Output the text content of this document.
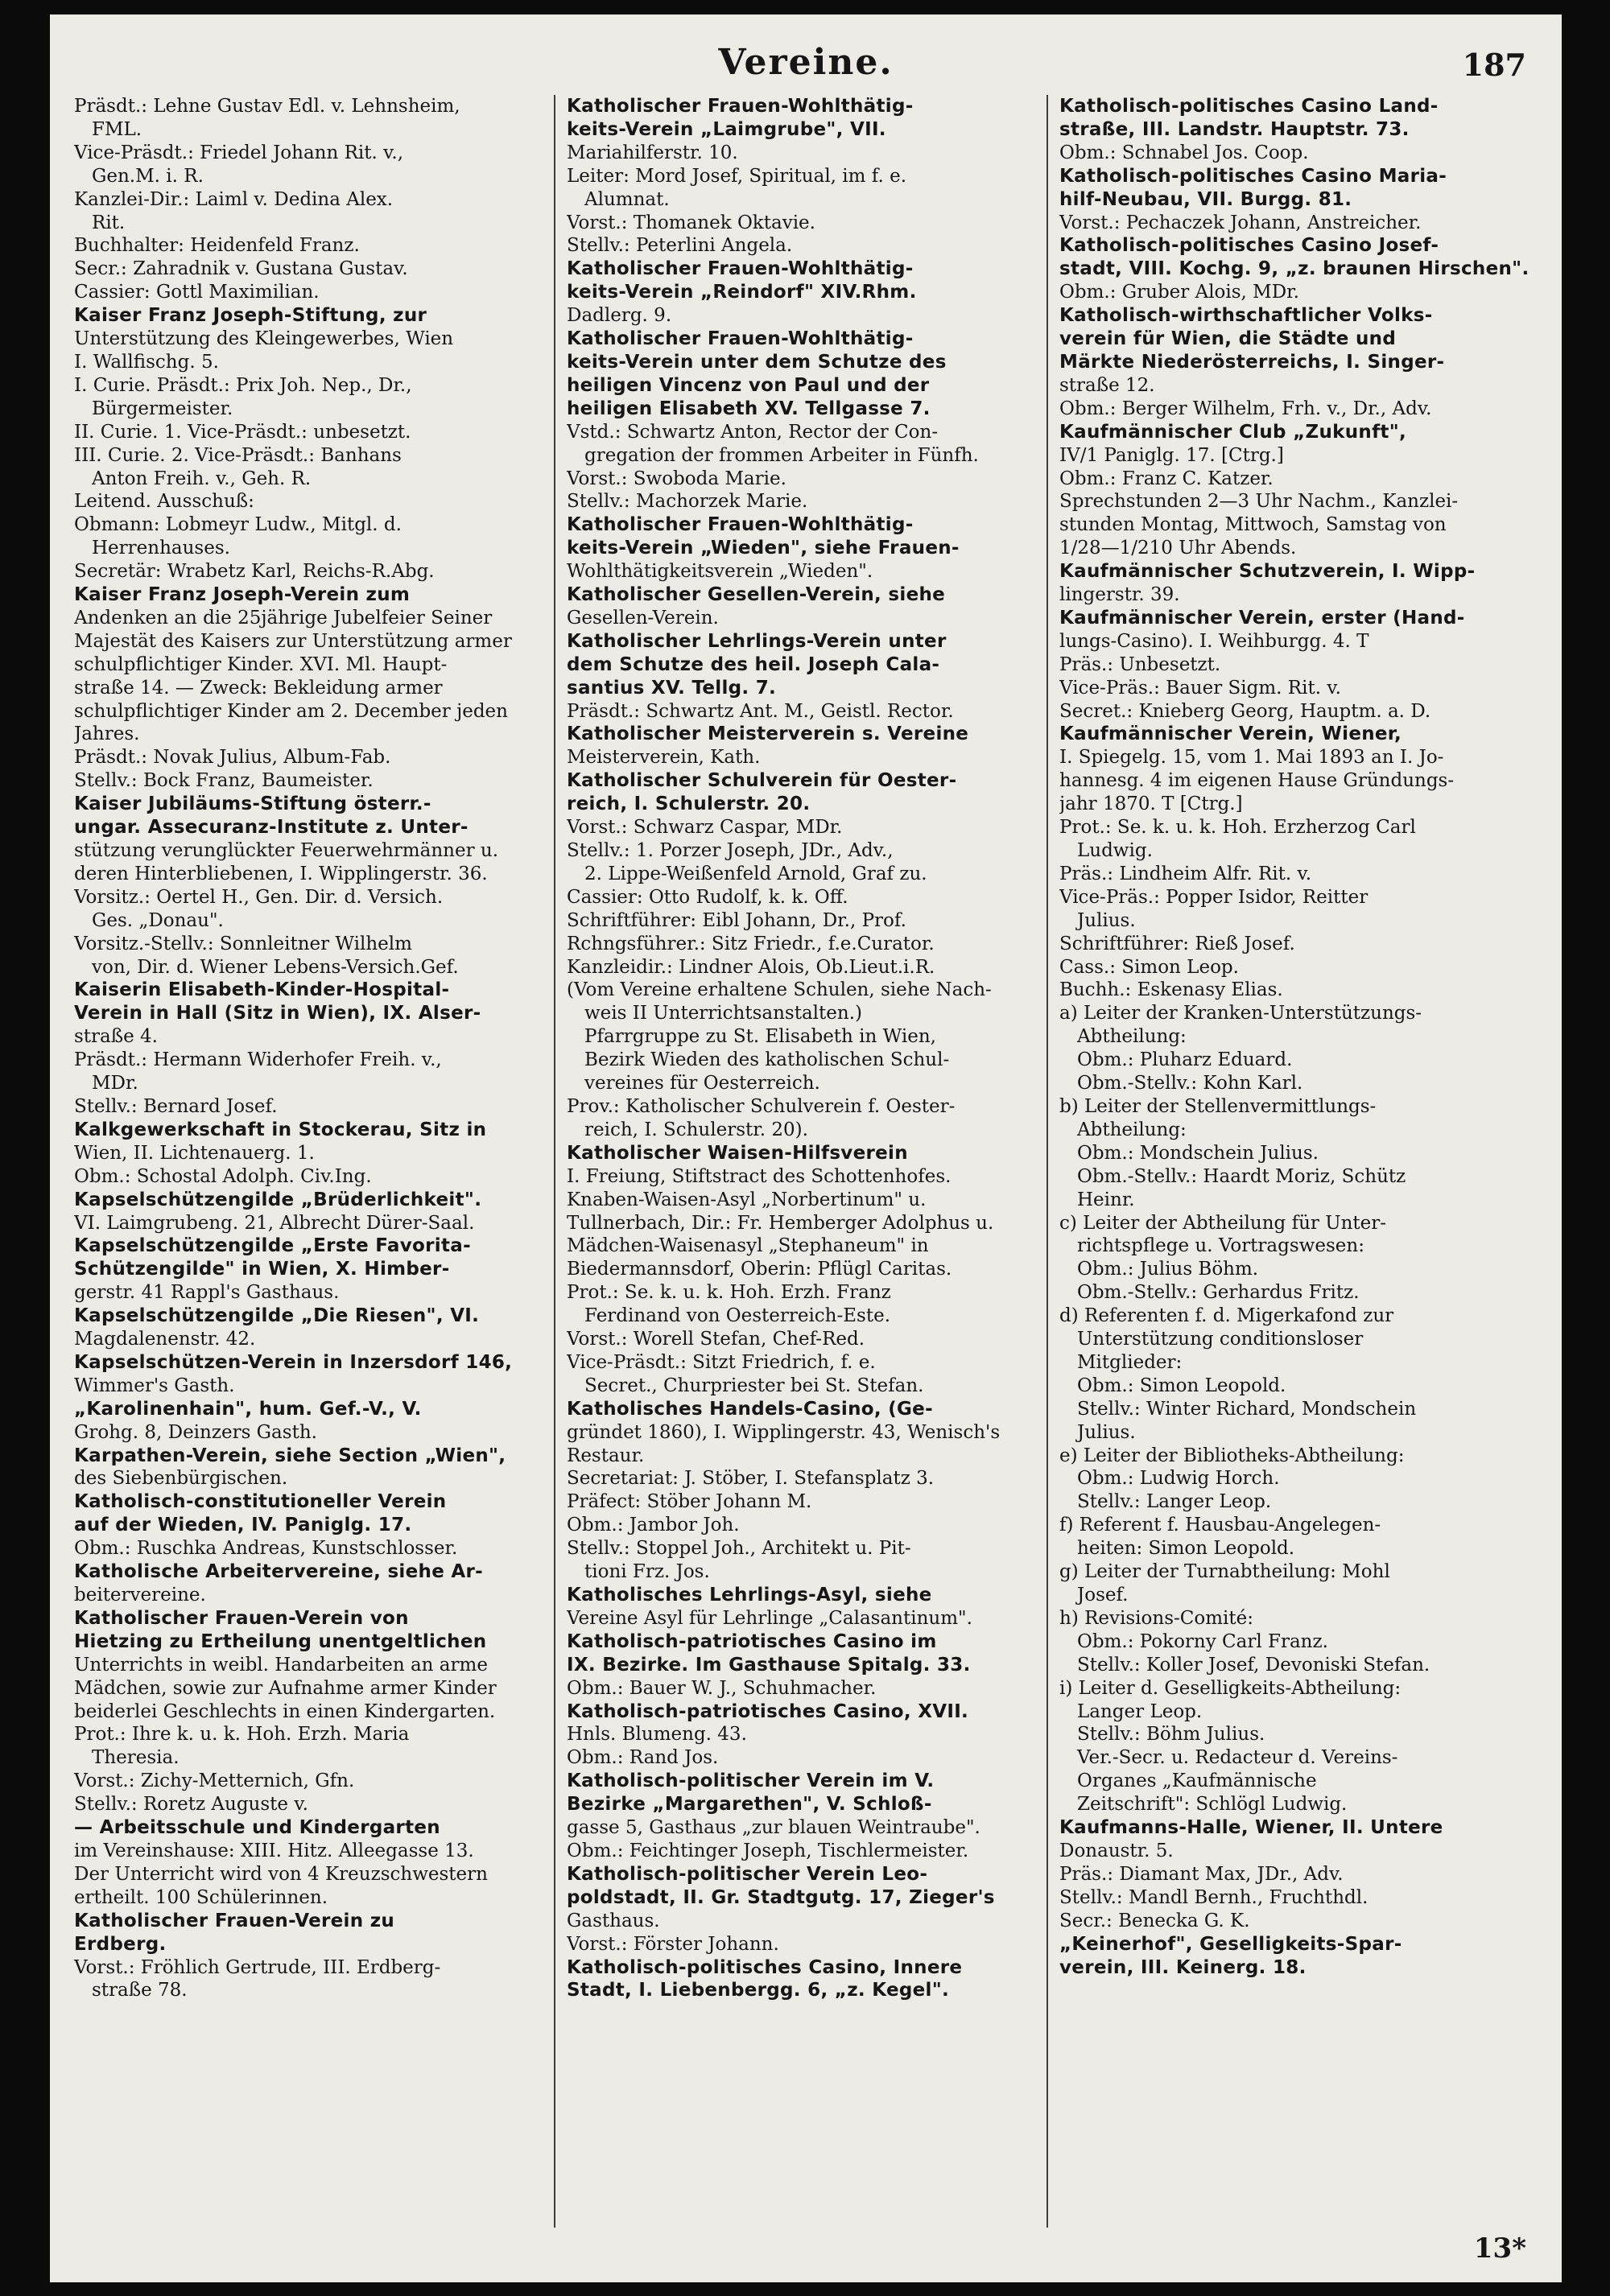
Vereine.	187
Präsdt.: Lehne Gustav Edl. v. Lehnsheim,
FML.
Vice-Präsdt.: Friedel Johann Rit. v.,
Gen.M. i. R.
Kanzlei-Dir.: Laiml v. Dedina Alex.
Rit.
Buchhalter: Heidenfeld Franz.
Secr.: Zahradnik v. Gustana Gustav.
Cassier: Gottl Maximilian.
Kaiser Franz Joseph-Stiftung, zur
Unterstützung des Kleingewerbes, Wien
I. Wallfischg. 5.
I. Curie. Präsdt.: Prix Joh. Nep., Dr.,
Bürgermeister.
II. Curie. 1. Vice-Präsdt.: unbesetzt.
III. Curie. 2. Vice-Präsdt.: Banhans
Anton Freih. v., Geh. R.
Leitend. Ausschuß:
Obmann: Lobmeyr Ludw., Mitgl. d.
Herrenhauses.
Secretär: Wrabetz Karl, Reichs-R.Abg.
Kaiser Franz Joseph-Verein zum
Andenken an die 25jährige Jubelfeier Seiner
Majestät des Kaisers zur Unterstützung armer
schulpflichtiger Kinder. XVI. Ml. Haupt-
straße 14. — Zweck: Bekleidung armer
schulpflichtiger Kinder am 2. December jeden
Jahres.
Präsdt.: Novak Julius, Album-Fab.
Stellv.: Bock Franz, Baumeister.
Kaiser Jubiläums-Stiftung österr.-
ungar. Assecuranz-Institute z. Unter-
stützung verunglückter Feuerwehrmänner u.
deren Hinterbliebenen, I. Wipplingerstr. 36.
Vorsitz.: Oertel H., Gen. Dir. d. Versich.
Ges. „Donau".
Vorsitz.-Stellv.: Sonnleitner Wilhelm
von, Dir. d. Wiener Lebens-Versich.Gef.
Kaiserin Elisabeth-Kinder-Hospital-
Verein in Hall (Sitz in Wien), IX. Alser-
straße 4.
Präsdt.: Hermann Widerhofer Freih. v.,
MDr.
Stellv.: Bernard Josef.
Kalkgewerkschaft in Stockerau, Sitz in
Wien, II. Lichtenauerg. 1.
Obm.: Schostal Adolph. Civ.Ing.
Kapselschützengilde „Brüderlichkeit".
VI. Laimgrubeng. 21, Albrecht Dürer-Saal.
Kapselschützengilde „Erste Favorita-
Schützengilde" in Wien, X. Himber-
gerstr. 41 Rappl's Gasthaus.
Kapselschützengilde „Die Riesen", VI.
Magdalenenstr. 42.
Kapselschützen-Verein in Inzersdorf 146,
Wimmer's Gasth.
„Karolinenhain", hum. Gef.-V., V.
Grohg. 8, Deinzers Gasth.
Karpathen-Verein, siehe Section „Wien",
des Siebenbürgischen.
Katholisch-constitutioneller Verein
auf der Wieden, IV. Paniglg. 17.
Obm.: Ruschka Andreas, Kunstschlosser.
Katholische Arbeitervereine, siehe Ar-
beitervereine.
Katholischer Frauen-Verein von
Hietzing zu Ertheilung unentgeltlichen
Unterrichts in weibl. Handarbeiten an arme
Mädchen, sowie zur Aufnahme armer Kinder
beiderlei Geschlechts in einen Kindergarten.
Prot.: Ihre k. u. k. Hoh. Erzh. Maria
Theresia.
Vorst.: Zichy-Metternich, Gfn.
Stellv.: Roretz Auguste v.
— Arbeitsschule und Kindergarten
im Vereinshause: XIII. Hitz. Alleegasse 13.
Der Unterricht wird von 4 Kreuzschwestern
ertheilt. 100 Schülerinnen.
Katholischer Frauen-Verein zu
Erdberg.
Vorst.: Fröhlich Gertrude, III. Erdberg-
straße 78.
Katholischer Frauen-Wohlthätig-
keits-Verein „Laimgrube", VII.
Mariahilferstr. 10.
Leiter: Mord Josef, Spiritual, im f. e.
Alumnat.
Vorst.: Thomanek Oktavie.
Stellv.: Peterlini Angela.
Katholischer Frauen-Wohlthätig-
keits-Verein „Reindorf" XIV.Rhm.
Dadlerg. 9.
Katholischer Frauen-Wohlthätig-
keits-Verein unter dem Schutze des
heiligen Vincenz von Paul und der
heiligen Elisabeth XV. Tellgasse 7.
Vstd.: Schwartz Anton, Rector der Con-
gregation der frommen Arbeiter in Fünfh.
Vorst.: Swoboda Marie.
Stellv.: Machorzek Marie.
Katholischer Frauen-Wohlthätig-
keits-Verein „Wieden", siehe Frauen-
Wohlthätigkeitsverein „Wieden".
Katholischer Gesellen-Verein, siehe
Gesellen-Verein.
Katholischer Lehrlings-Verein unter
dem Schutze des heil. Joseph Cala-
santius XV. Tellg. 7.
Präsdt.: Schwartz Ant. M., Geistl. Rector.
Katholischer Meisterverein s. Vereine
Meisterverein, Kath.
Katholischer Schulverein für Oester-
reich, I. Schulerstr. 20.
Vorst.: Schwarz Caspar, MDr.
Stellv.: 1. Porzer Joseph, JDr., Adv.,
2. Lippe-Weißenfeld Arnold, Graf zu.
Cassier: Otto Rudolf, k. k. Off.
Schriftführer: Eibl Johann, Dr., Prof.
Rchngsführer.: Sitz Friedr., f.e.Curator.
Kanzleidir.: Lindner Alois, Ob.Lieut.i.R.
(Vom Vereine erhaltene Schulen, siehe Nach-
weis II Unterrichtsanstalten.)
Pfarrgruppe zu St. Elisabeth in Wien,
Bezirk Wieden des katholischen Schul-
vereines für Oesterreich.
Prov.: Katholischer Schulverein f. Oester-
reich, I. Schulerstr. 20).
Katholischer Waisen-Hilfsverein
I. Freiung, Stiftstract des Schottenhofes.
Knaben-Waisen-Asyl „Norbertinum" u.
Tullnerbach, Dir.: Fr. Hemberger Adolphus u.
Mädchen-Waisenasyl „Stephaneum" in
Biedermannsdorf, Oberin: Pflügl Caritas.
Prot.: Se. k. u. k. Hoh. Erzh. Franz
Ferdinand von Oesterreich-Este.
Vorst.: Worell Stefan, Chef-Red.
Vice-Präsdt.: Sitzt Friedrich, f. e.
Secret., Churpriester bei St. Stefan.
Katholisches Handels-Casino, (Ge-
gründet 1860), I. Wipplingerstr. 43, Wenisch's
Restaur.
Secretariat: J. Stöber, I. Stefansplatz 3.
Präfect: Stöber Johann M.
Obm.: Jambor Joh.
Stellv.: Stoppel Joh., Architekt u. Pit-
tioni Frz. Jos.
Katholisches Lehrlings-Asyl, siehe
Vereine Asyl für Lehrlinge „Calasantinum".
Katholisch-patriotisches Casino im
IX. Bezirke. Im Gasthause Spitalg. 33.
Obm.: Bauer W. J., Schuhmacher.
Katholisch-patriotisches Casino, XVII.
Hnls. Blumeng. 43.
Obm.: Rand Jos.
Katholisch-politischer Verein im V.
Bezirke „Margarethen", V. Schloß-
gasse 5, Gasthaus „zur blauen Weintraube".
Obm.: Feichtinger Joseph, Tischlermeister.
Katholisch-politischer Verein Leo-
poldstadt, II. Gr. Stadtgutg. 17, Zieger's
Gasthaus.
Vorst.: Förster Johann.
Katholisch-politisches Casino, Innere
Stadt, I. Liebenbergg. 6, „z. Kegel".
Katholisch-politisches Casino Land-
straße, III. Landstr. Hauptstr. 73.
Obm.: Schnabel Jos. Coop.
Katholisch-politisches Casino Maria-
hilf-Neubau, VII. Burgg. 81.
Vorst.: Pechaczek Johann, Anstreicher.
Katholisch-politisches Casino Josef-
stadt, VIII. Kochg. 9, „z. braunen Hirschen".
Obm.: Gruber Alois, MDr.
Katholisch-wirthschaftlicher Volks-
verein für Wien, die Städte und
Märkte Niederösterreichs, I. Singer-
straße 12.
Obm.: Berger Wilhelm, Frh. v., Dr., Adv.
Kaufmännischer Club „Zukunft",
IV/1 Paniglg. 17. [Ctrg.]
Obm.: Franz C. Katzer.
Sprechstunden 2—3 Uhr Nachm., Kanzlei-
stunden Montag, Mittwoch, Samstag von
1/28—1/210 Uhr Abends.
Kaufmännischer Schutzverein, I. Wipp-
lingerstr. 39.
Kaufmännischer Verein, erster (Hand-
lungs-Casino). I. Weihburgg. 4. T
Präs.: Unbesetzt.
Vice-Präs.: Bauer Sigm. Rit. v.
Secret.: Knieberg Georg, Hauptm. a. D.
Kaufmännischer Verein, Wiener,
I. Spiegelg. 15, vom 1. Mai 1893 an I. Jo-
hannesg. 4 im eigenen Hause Gründungs-
jahr 1870. T [Ctrg.]
Prot.: Se. k. u. k. Hoh. Erzherzog Carl
Ludwig.
Präs.: Lindheim Alfr. Rit. v.
Vice-Präs.: Popper Isidor, Reitter
Julius.
Schriftführer: Rieß Josef.
Cass.: Simon Leop.
Buchh.: Eskenasy Elias.
a) Leiter der Kranken-Unterstützungs-
Abtheilung:
Obm.: Pluharz Eduard.
Obm.-Stellv.: Kohn Karl.
b) Leiter der Stellenvermittlungs-
Abtheilung:
Obm.: Mondschein Julius.
Obm.-Stellv.: Haardt Moriz, Schütz
Heinr.
c) Leiter der Abtheilung für Unter-
richtspflege u. Vortragswesen:
Obm.: Julius Böhm.
Obm.-Stellv.: Gerhardus Fritz.
d) Referenten f. d. Migerkafond zur
Unterstützung conditionsloser
Mitglieder:
Obm.: Simon Leopold.
Stellv.: Winter Richard, Mondschein
Julius.
e) Leiter der Bibliotheks-Abtheilung:
Obm.: Ludwig Horch.
Stellv.: Langer Leop.
f) Referent f. Hausbau-Angelegen-
heiten: Simon Leopold.
g) Leiter der Turnabtheilung: Mohl
Josef.
h) Revisions-Comité:
Obm.: Pokorny Carl Franz.
Stellv.: Koller Josef, Devoniski Stefan.
i) Leiter d. Geselligkeits-Abtheilung:
Langer Leop.
Stellv.: Böhm Julius.
Ver.-Secr. u. Redacteur d. Vereins-
Organes „Kaufmännische
Zeitschrift": Schlögl Ludwig.
Kaufmanns-Halle, Wiener, II. Untere
Donaustr. 5.
Präs.: Diamant Max, JDr., Adv.
Stellv.: Mandl Bernh., Fruchthdl.
Secr.: Benecka G. K.
„Keinerhof", Geselligkeits-Spar-
verein, III. Keinerg. 18.
13*
